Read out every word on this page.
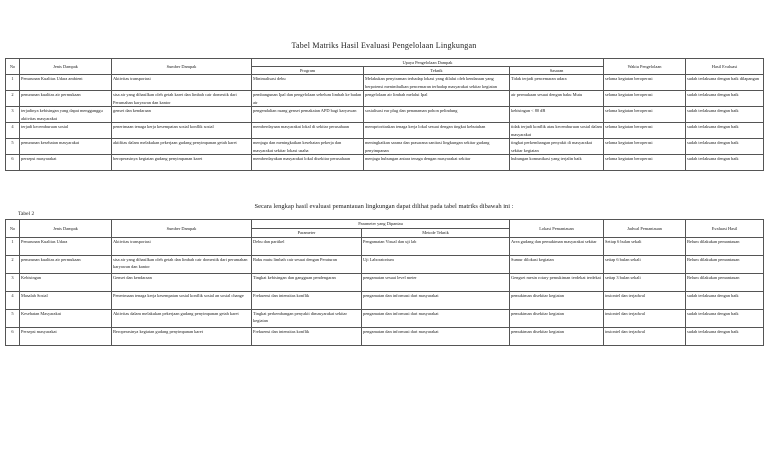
Tabel Matriks Hasil Evaluasi Pengelolaan Lingkungan
No	Jenis Dampak	Sumber Dampak	Upaya Pengelolaan Dampak			Waktu Pengelolaan	Hasil Evaluasi
			Program	Teknik	Sasaran		
1	Penurunan Kualitas Udara ambient	Aktivitas transportasi	Minimalisasi debu	Melakukan penyiraman terhadap lokasi yang dilalui oleh kendaraan yang berpotensi menimbulkan pencemaran terhadap masyarakat sekitar kegiatan	Tidak terjadi pencemaran udara	selama kegiatan beroperasi	sudah terlaksana dengan baik dilapangan
2	penurunan kualitas air permukaan	sisa air yang dihasilkan oleh getah karet dan limbah cair domestik dari Perumahan karyawan dan kantor	pembangunan Ipal dan pengelolaan sebelum limbah ke badan air	pengelolaan air limbah melalui Ipal	air permukaan sesuai dengan baku Mutu	selama kegiatan beroperasi	sudah terlaksana dengan baik
3	terjadinya kebisingan yang dapat mengganggu aktivitas masyarakat	genset dan kendaraan	pengendalian ruang genset pemakaian APD bagi karyawan	sosialisasi ear plug dan penanaman pohon pelindung	kebisingan < 80 dB	selama kegiatan beroperasi	sudah terlaksana dengan baik
4	terjadi kecemburuan sosial	penerimaan tenaga kerja kesempatan sosial konflik sosial	memberdayaan masyarakat lokal di sekitar perusahaan	memprioritaskan tenaga kerja lokal sesuai dengan tingkat kebutuhan	tidak terjadi konflik atau kecemburuan sosial dalam masyarakat	selama kegiatan beroperasi	sudah terlaksana dengan baik
5	penurunan kesehatan masyarakat	aktifitas dalam melakukan pekerjaan gudang penyimpanan getah karet	menjaga dan meningkatkan kesehatan pekerja dan masyarakat sekitar lokasi usaha	meningkatkan sarana dan prasarana sanitasi lingkungan sekitar gudang penyimpanan	tingkat perkembangan penyakit di masyarakat sekitar kegiatan	selama kegiatan beroperasi	sudah terlaksana dengan baik
6	persepsi masyarakat	beroperasinya kegiatan gudang penyimpanan karet	memberdayakan masyarakat lokal disekitar perusahaan	menjaga hubungan antara tenaga dengan masyarakat sekitar	hubungan komunikasi yang terjalin baik	selama kegiatan beroperasi	sudah terlaksana dengan baik
Secara lengkap hasil evaluasi pemantauan lingkungan dapat dilihat pada tabel matriks dibawah ini :
Tabel 2
No	Jenis Dampak	Sumber Dampak	Parameter yang Dipantau		Lokasi Pemantauan	Jadwal Pemantauan	Evaluasi Hasil
			Parameter	Metode Teknik			
1	Penurunan Kualitas Udara	Aktivitas transportasi	Debu dan partikel	Pengamatan Visual dan uji lab	Area gudang dan pemukiman masyarakat sekitar	Setiap 6 bulan sekali	Belum dilakukan pemantauan
2	penurunan kualitas air permukaan	sisa air yang dihasilkan oleh getah dan limbah cair domestik dari perumahan karyawan dan kantor	Baku mutu limbah cair sesuai dengan Peraturan	Uji Laboratorium	Sumur dilokasi kegiatan	setiap 6 bulan sekali	Belum dilakukan pemantauan
3	Kebisingan	Genset dan kendaraan	Tingkat kebisingan dan gangguan pendengaran	pengamatan sesuai level meter	Gengset mesin rotary pemukiman terdekat terdekat	setiap 3 bulan sekali	Belum dilakukan pemantauan
4	Masalah Sosial	Penerimaan tenaga kerja kesempatan sosial konflik sosial an sosial change	Frekuensi dan intensitas konflik	pengamatan dan informasi dari masyarakat	pemukiman disekitar kegiatan	insiontel dan terjadwal	sudah terlaksana dengan baik
5	Kesehatan Masyarakat	Aktivitas dalam melakukan pekerjaan gudang penyimpanan getah karet	Tingkat perkembangan penyakit dimasyarakat sekitar kegiatan	pengamatan dan informasi dari masyarakat	pemukiman disekitar kegiatan	insiontel dan terjadwal	sudah terlaksana dengan baik
6	Persepsi masyarakat	Beroperasinya kegiatan gudang penyimpanan karet	Frekuensi dan intensitas konflik	pengamatan dan informasi dari masyarakat	pemukiman disekitar kegiatan	insiontel dan terjadwal	sudah terlaksana dengan baik
